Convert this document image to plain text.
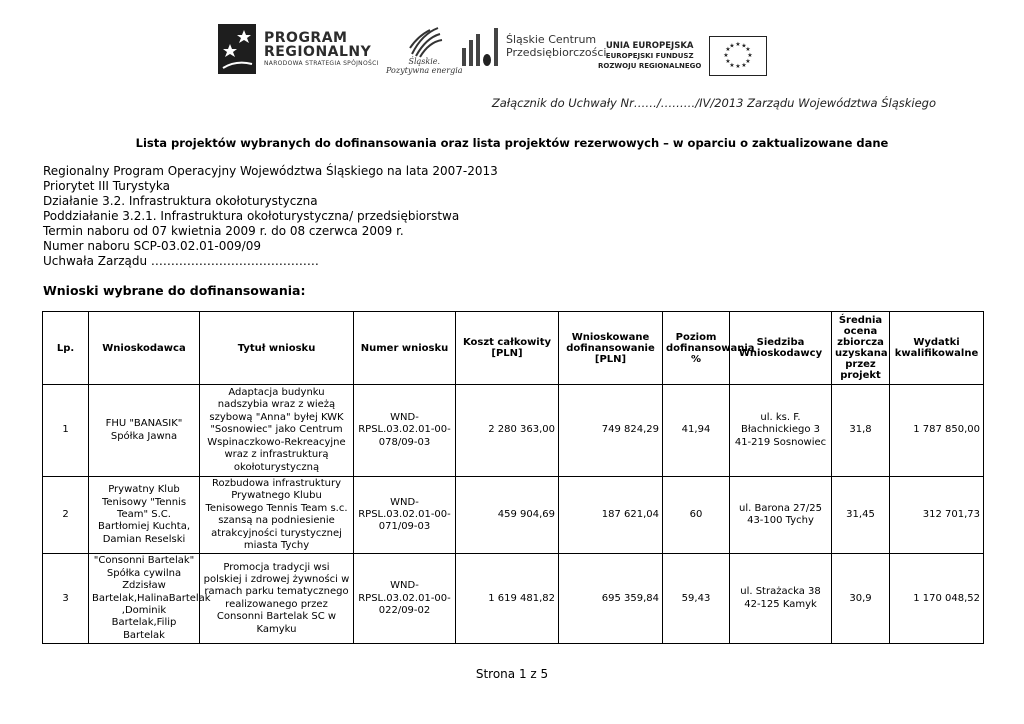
PROGRAM
REGIONALNY
NARODOWA STRATEGIA SPÓJNOŚCI	Śląskie.
Pozytywna energia
Śląskie Centrum
Przedsiębiorczości
UNIA EUROPEJSKA
EUROPEJSKI FUNDUSZ
ROZWOJU REGIONALNEGO
★ ★
★
★
★
★
★
★
★
★
★
★
Załącznik do Uchwały Nr……/………/IV/2013 Zarządu Województwa Śląskiego
Lista projektów wybranych do dofinansowania oraz lista projektów rezerwowych – w oparciu o zaktualizowane dane
Regionalny Program Operacyjny Województwa Śląskiego na lata 2007-2013
Priorytet III Turystyka
Działanie 3.2. Infrastruktura okołoturystyczna
Poddziałanie 3.2.1. Infrastruktura okołoturystyczna/ przedsiębiorstwa
Termin naboru od 07 kwietnia 2009 r. do 08 czerwca 2009 r.
Numer naboru SCP-03.02.01-009/09
Uchwała Zarządu ……………………………………
Wnioski wybrane do dofinansowania:
Lp.	Wnioskodawca	Tytuł wniosku	Numer wniosku	Koszt całkowity [PLN]	Wnioskowane dofinansowanie [PLN]	Poziom dofinansowania %	Siedziba Wnioskodawcy	Średnia ocena zbiorcza uzyskana przez projekt	Wydatki kwalifikowalne
1	FHU "BANASIK" Spółka Jawna	Adaptacja budynku nadszybia wraz z wieżą szybową "Anna" byłej KWK "Sosnowiec" jako Centrum Wspinaczkowo-Rekreacyjne wraz z infrastrukturą okołoturystyczną	WND-RPSL.03.02.01-00-078/09-03	2 280 363,00	749 824,29	41,94	ul. ks. F. Błachnickiego 3 41-219 Sosnowiec	31,8	1 787 850,00
2	Prywatny Klub Tenisowy "Tennis Team" S.C. Bartłomiej Kuchta, Damian Reselski	Rozbudowa infrastruktury Prywatnego Klubu Tenisowego Tennis Team s.c. szansą na podniesienie atrakcyjności turystycznej miasta Tychy	WND-RPSL.03.02.01-00-071/09-03	459 904,69	187 621,04	60	ul. Barona 27/25 43-100 Tychy	31,45	312 701,73
3	"Consonni Bartelak" Spółka cywilna Zdzisław Bartelak,HalinaBartelak ,Dominik Bartelak,Filip Bartelak	Promocja tradycji wsi polskiej i zdrowej żywności w ramach parku tematycznego realizowanego przez Consonni Bartelak SC w Kamyku	WND-RPSL.03.02.01-00-022/09-02	1 619 481,82	695 359,84	59,43	ul. Strażacka 38 42-125 Kamyk	30,9	1 170 048,52
Strona 1 z 5
